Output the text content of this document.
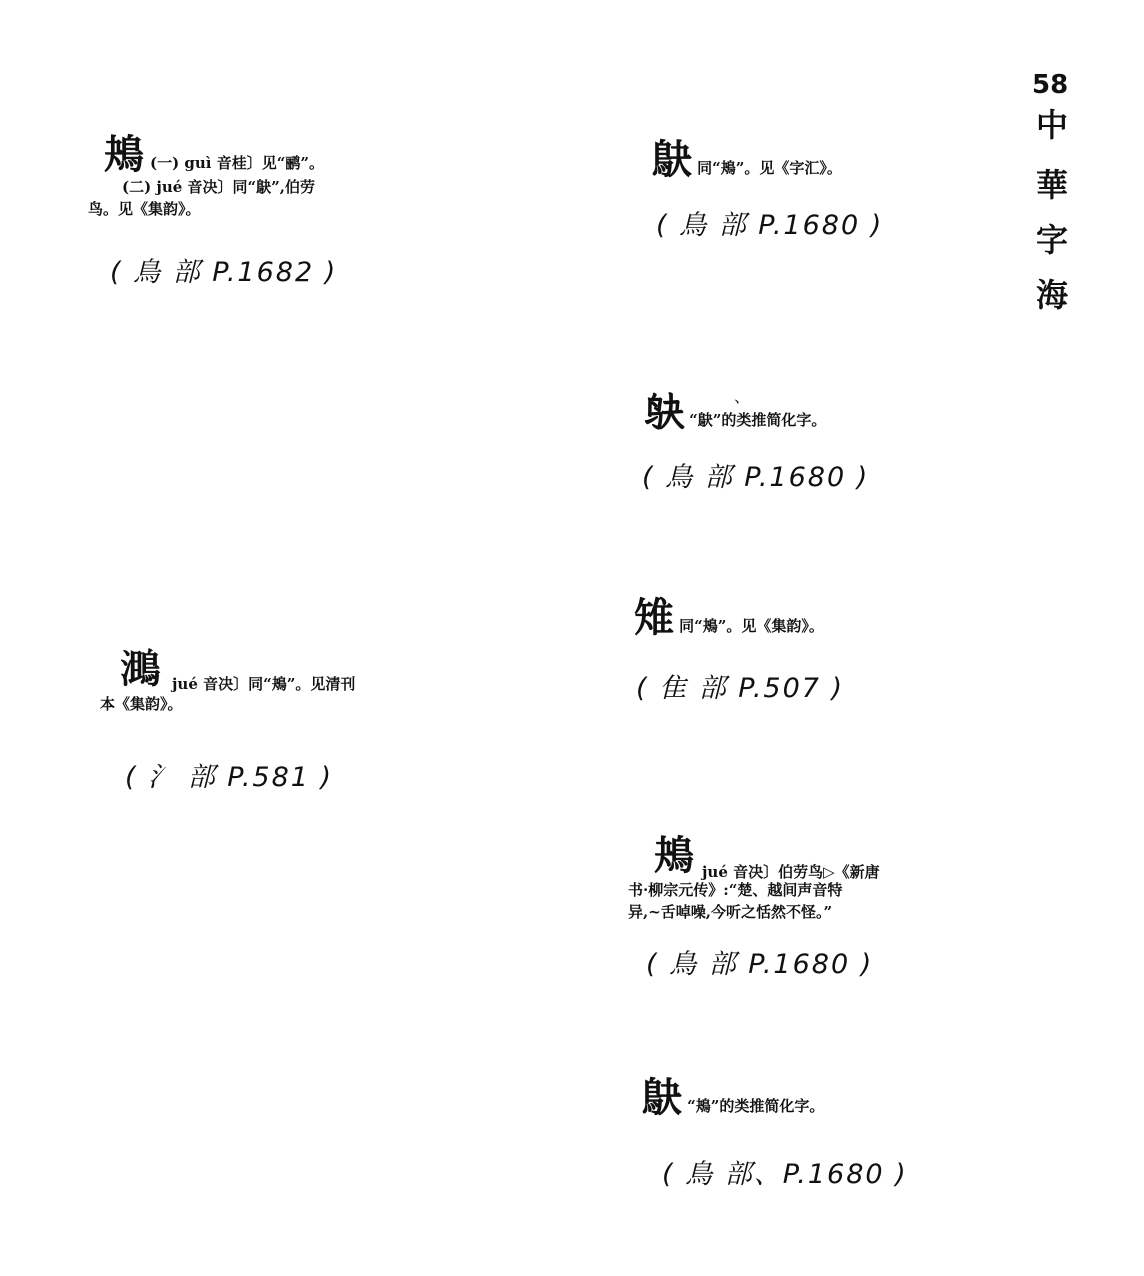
58
中
華
字
海
鴂 (一) guì 音桂〕见“鹂”。
(二) jué 音决〕同“鴃”,伯劳
鸟。见《集韵》。
( 鳥 部 P.1682 )
鴃 同“鴂”。见《字汇》。
( 鳥 部 P.1680 )
、
𫛞 “鴃”的类推简化字。
( 鳥 部 P.1680 )
雉 同“鴂”。见《集韵》。
( 隹 部 P.507 )
𪂔 jué 音决〕同“鴂”。见清刊
本《集韵》。
( 氵 部 P.581 )
鴂 jué 音决〕伯劳鸟▷《新唐
书·柳宗元传》:“楚、越间声音特
异,~舌啅噪,今听之恬然不怪。”
( 鳥 部 P.1680 )
鴃 “鴂”的类推简化字。
( 鳥 部、P.1680 )
